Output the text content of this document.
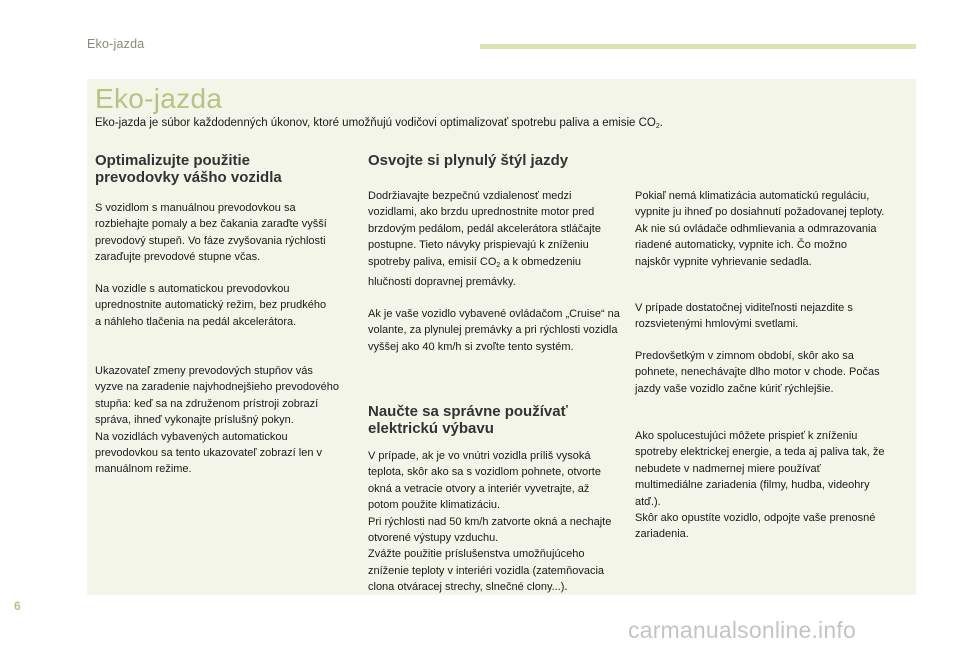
Eko-jazda
Eko-jazda

Eko-jazda je súbor každodenných úkonov, ktoré umožňujú vodičovi optimalizovať spotrebu paliva a emisie $CO_2$.

Optimalizujte použitie prevodovky vášho vozidla

S vozidlom s manuálnou prevodovkou sa rozbiehajte pomaly a bez čakania zaraďte vyšší prevodový stupeň. Vo fáze zvyšovania rýchlosti zaraďujte prevodové stupne včas.

Na vozidle s automatickou prevodovkou uprednostnite automatický režim, bez prudkého a náhleho tlačenia na pedál akcelerátora.

Ukazovateľ zmeny prevodových stupňov vás vyzve na zaradenie najvhodnejšieho prevodového stupňa: keď sa na združenom prístroji zobrazí správa, ihneď vykonajte príslušný pokyn.
Na vozidlách vybavených automatickou prevodovkou sa tento ukazovateľ zobrazí len v manuálnom režime.

Osvojte si plynulý štýl jazdy

Dodržiavajte bezpečnú vzdialenosť medzi vozidlami, ako brzdu uprednostnite motor pred brzdovým pedálom, pedál akcelerátora stláčajte postupne. Tieto návyky prispievajú k zníženiu spotreby paliva, emisií $CO_2$ a k obmedzeniu hlučnosti dopravnej premávky.

Ak je vaše vozidlo vybavené ovládačom „Cruise“ na volante, za plynulej premávky a pri rýchlosti vozidla vyššej ako 40 km/h si zvoľte tento systém.

Naučte sa správne používať elektrickú výbavu

V prípade, ak je vo vnútri vozidla príliš vysoká teplota, skôr ako sa s vozidlom pohnete, otvorte okná a vetracie otvory a interiér vyvetrajte, až potom použite klimatizáciu.
Pri rýchlosti nad 50 km/h zatvorte okná a nechajte otvorené výstupy vzduchu.
Zvážte použitie príslušenstva umožňujúceho zníženie teploty v interiéri vozidla (zatemňovacia clona otváracej strechy, slnečné clony...).

Pokiaľ nemá klimatizácia automatickú reguláciu, vypnite ju ihneď po dosiahnutí požadovanej teploty.
Ak nie sú ovládače odhmlievania a odmrazovania riadené automaticky, vypnite ich. Čo možno najskôr vypnite vyhrievanie sedadla.

V prípade dostatočnej viditeľnosti nejazdite s rozsvietenými hmlovými svetlami.

Predovšetkým v zimnom období, skôr ako sa pohnete, nenechávajte dlho motor v chode. Počas jazdy vaše vozidlo začne kúriť rýchlejšie.

Ako spolucestujúci môžete prispieť k zníženiu spotreby elektrickej energie, a teda aj paliva tak, že nebudete v nadmernej miere používať multimediálne zariadenia (filmy, hudba, videohry atď.).
Skôr ako opustíte vozidlo, odpojte vaše prenosné zariadenia.

6
carmanualsonline.info
